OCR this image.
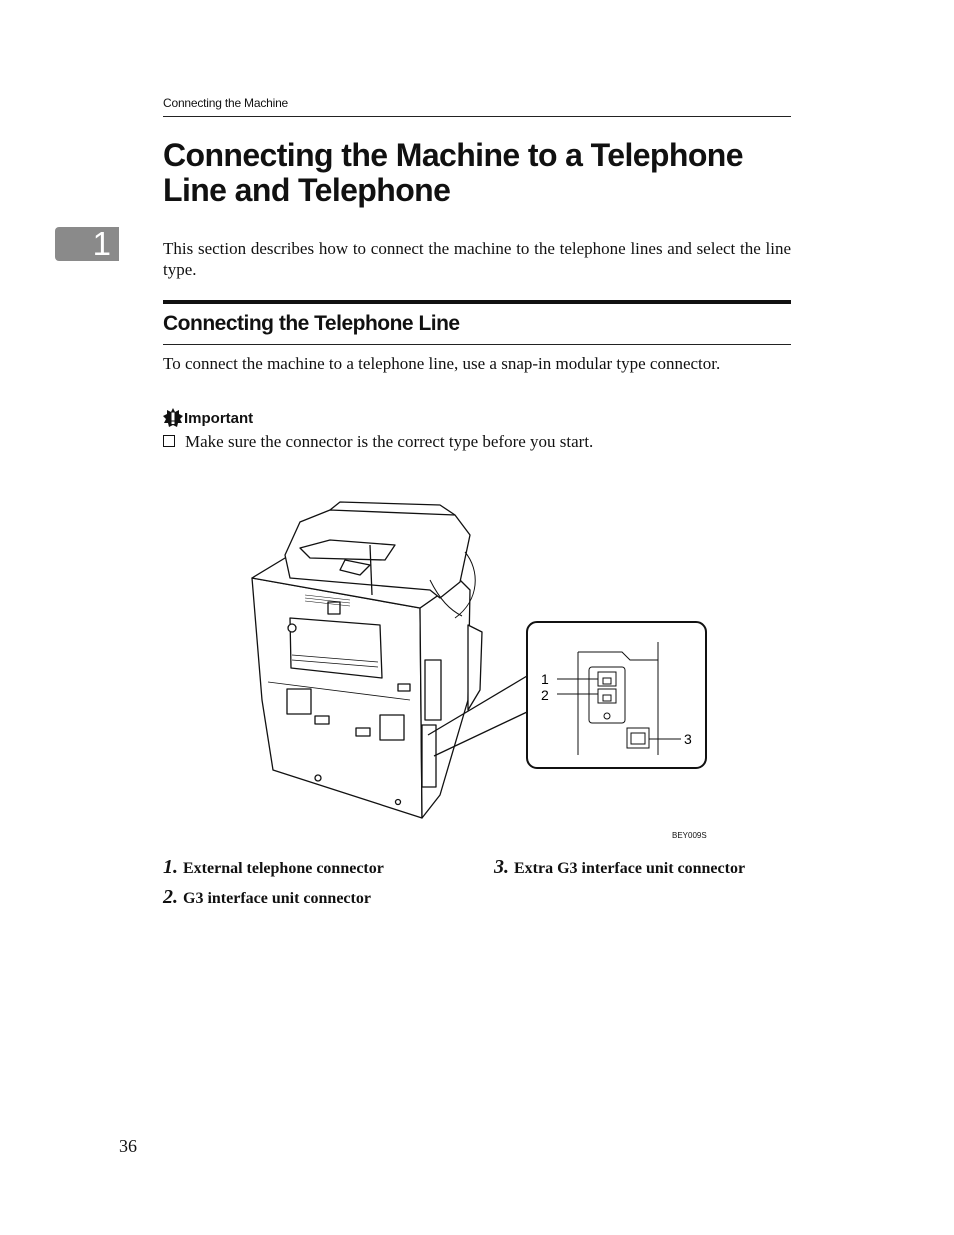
Connecting the Machine
Connecting the Machine to a Telephone Line and Telephone
1	This section describes how to connect the machine to the telephone lines and select the line type.

Connecting the Telephone Line

To connect the machine to a telephone line, use a snap-in modular type connector.

Important
Make sure the connector is the correct type before you start.
1
2
3
BEY009S
1. External telephone connector
2. G3 interface unit connector
3. Extra G3 interface unit connector
36
